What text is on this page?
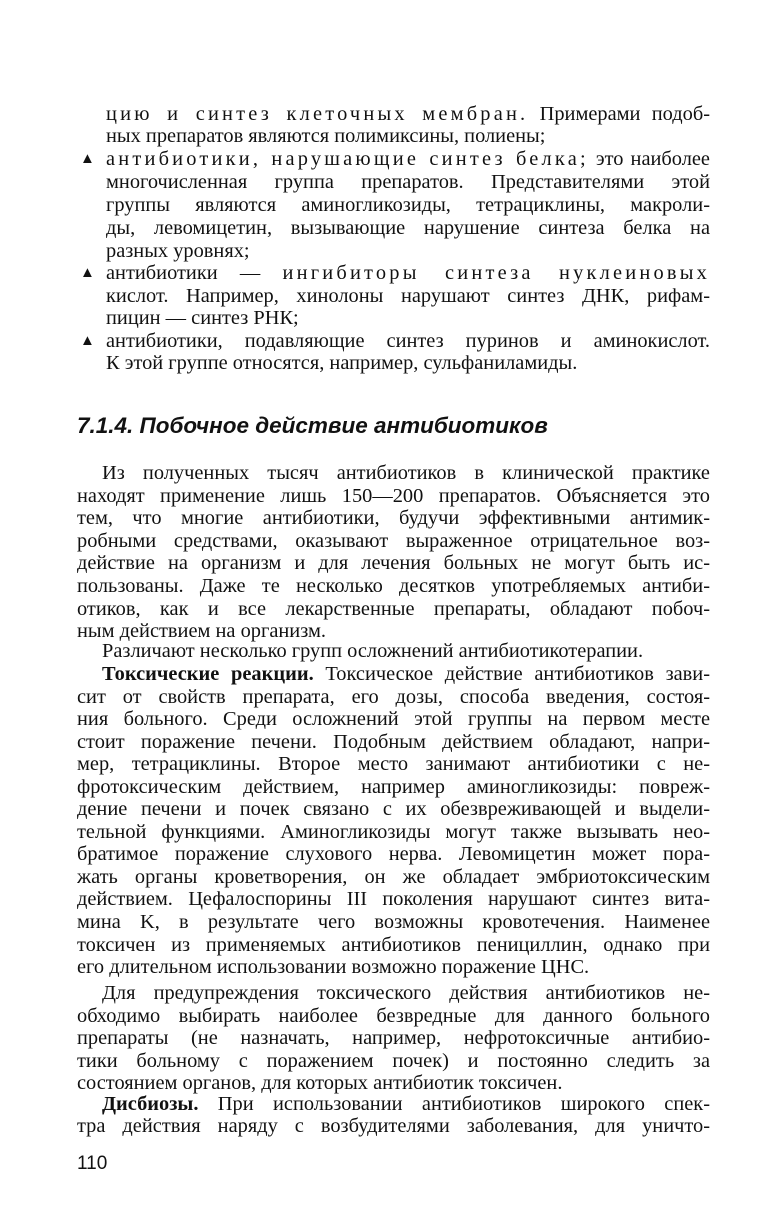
цию и синтез клеточных мембран. Примерами подоб-
ных препаратов являются полимиксины, полиены;
▲ антибиотики, нарушающие синтез белка; это наиболее
многочисленная группа препаратов. Представителями этой
группы являются аминогликозиды, тетрациклины, макроли-
ды, левомицетин, вызывающие нарушение синтеза белка на
разных уровнях;
▲ антибиотики — ингибиторы синтеза нуклеиновых
кислот. Например, хинолоны нарушают синтез ДНК, рифам-
пицин — синтез РНК;
▲ антибиотики, подавляющие синтез пуринов и аминокислот.
К этой группе относятся, например, сульфаниламиды.
7.1.4. Побочное действие антибиотиков
Из полученных тысяч антибиотиков в клинической практике
находят применение лишь 150—200 препаратов. Объясняется это
тем, что многие антибиотики, будучи эффективными антимик-
робными средствами, оказывают выраженное отрицательное воз-
действие на организм и для лечения больных не могут быть ис-
пользованы. Даже те несколько десятков употребляемых антиби-
отиков, как и все лекарственные препараты, обладают побоч-
ным действием на организм.
Различают несколько групп осложнений антибиотикотерапии.
Токсические реакции. Токсическое действие антибиотиков зави-
сит от свойств препарата, его дозы, способа введения, состоя-
ния больного. Среди осложнений этой группы на первом месте
стоит поражение печени. Подобным действием обладают, напри-
мер, тетрациклины. Второе место занимают антибиотики с не-
фротоксическим действием, например аминогликозиды: повреж-
дение печени и почек связано с их обезвреживающей и выдели-
тельной функциями. Аминогликозиды могут также вызывать нео-
братимое поражение слухового нерва. Левомицетин может пора-
жать органы кроветворения, он же обладает эмбриотоксическим
действием. Цефалоспорины III поколения нарушают синтез вита-
мина K, в результате чего возможны кровотечения. Наименее
токсичен из применяемых антибиотиков пенициллин, однако при
его длительном использовании возможно поражение ЦНС.
Для предупреждения токсического действия антибиотиков не-
обходимо выбирать наиболее безвредные для данного больного
препараты (не назначать, например, нефротоксичные антибио-
тики больному с поражением почек) и постоянно следить за
состоянием органов, для которых антибиотик токсичен.
Дисбиозы. При использовании антибиотиков широкого спек-
тра действия наряду с возбудителями заболевания, для уничто-
110
